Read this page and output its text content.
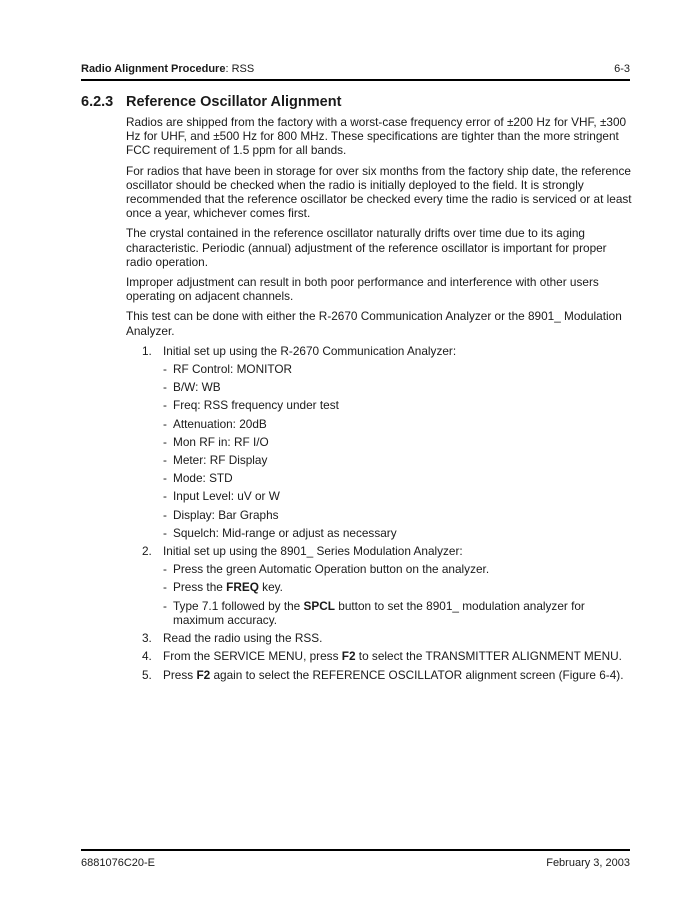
Radio Alignment Procedure: RSS	6-3
6.2.3 Reference Oscillator Alignment

Radios are shipped from the factory with a worst-case frequency error of ±200 Hz for VHF, ±300 Hz for UHF, and ±500 Hz for 800 MHz. These specifications are tighter than the more stringent FCC requirement of 1.5 ppm for all bands.

For radios that have been in storage for over six months from the factory ship date, the reference oscillator should be checked when the radio is initially deployed to the field. It is strongly recommended that the reference oscillator be checked every time the radio is serviced or at least once a year, whichever comes first.

The crystal contained in the reference oscillator naturally drifts over time due to its aging characteristic. Periodic (annual) adjustment of the reference oscillator is important for proper radio operation.

Improper adjustment can result in both poor performance and interference with other users operating on adjacent channels.

This test can be done with either the R-2670 Communication Analyzer or the 8901_ Modulation Analyzer.

1. Initial set up using the R-2670 Communication Analyzer:
- RF Control: MONITOR
- B/W: WB
- Freq: RSS frequency under test
- Attenuation: 20dB
- Mon RF in: RF I/O
- Meter: RF Display
- Mode: STD
- Input Level: uV or W
- Display: Bar Graphs
- Squelch: Mid-range or adjust as necessary
2. Initial set up using the 8901_ Series Modulation Analyzer:
- Press the green Automatic Operation button on the analyzer.
- Press the FREQ key.
- Type 7.1 followed by the SPCL button to set the 8901_ modulation analyzer for maximum accuracy.
3. Read the radio using the RSS.
4. From the SERVICE MENU, press F2 to select the TRANSMITTER ALIGNMENT MENU.
5. Press F2 again to select the REFERENCE OSCILLATOR alignment screen (Figure 6-4).
6881076C20-E	February 3, 2003
